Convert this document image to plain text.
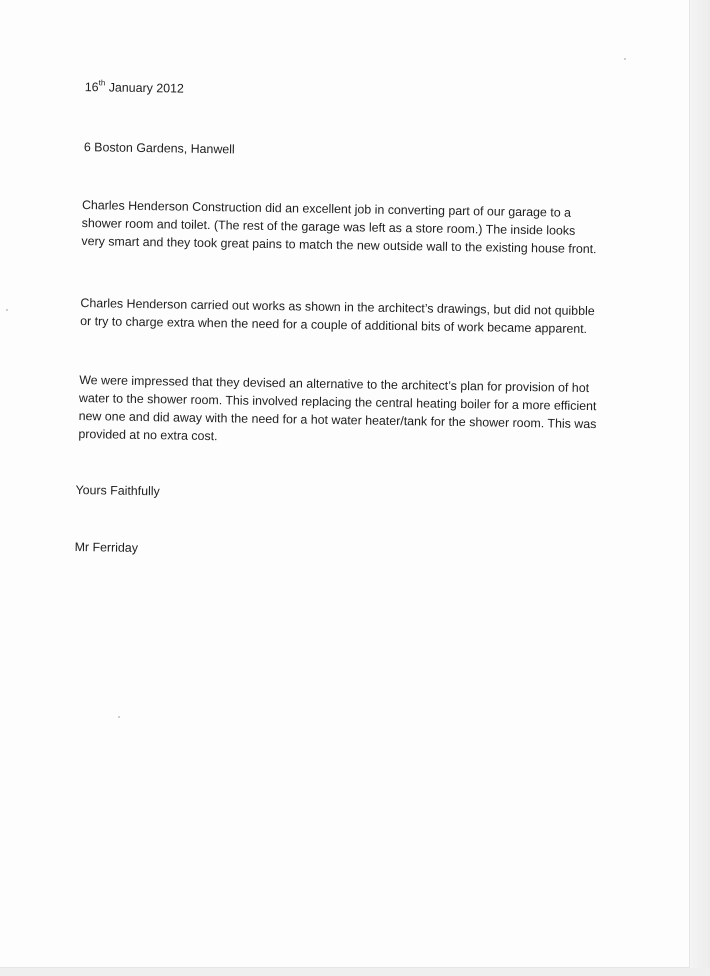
16th January 2012
6 Boston Gardens, Hanwell
Charles Henderson Construction did an excellent job in converting part of our garage to a shower room and toilet. (The rest of the garage was left as a store room.) The inside looks very smart and they took great pains to match the new outside wall to the existing house front.
Charles Henderson carried out works as shown in the architect’s drawings, but did not quibble or try to charge extra when the need for a couple of additional bits of work became apparent.
We were impressed that they devised an alternative to the architect’s plan for provision of hot water to the shower room. This involved replacing the central heating boiler for a more efficient new one and did away with the need for a hot water heater/tank for the shower room. This was provided at no extra cost.
Yours Faithfully
Mr Ferriday
